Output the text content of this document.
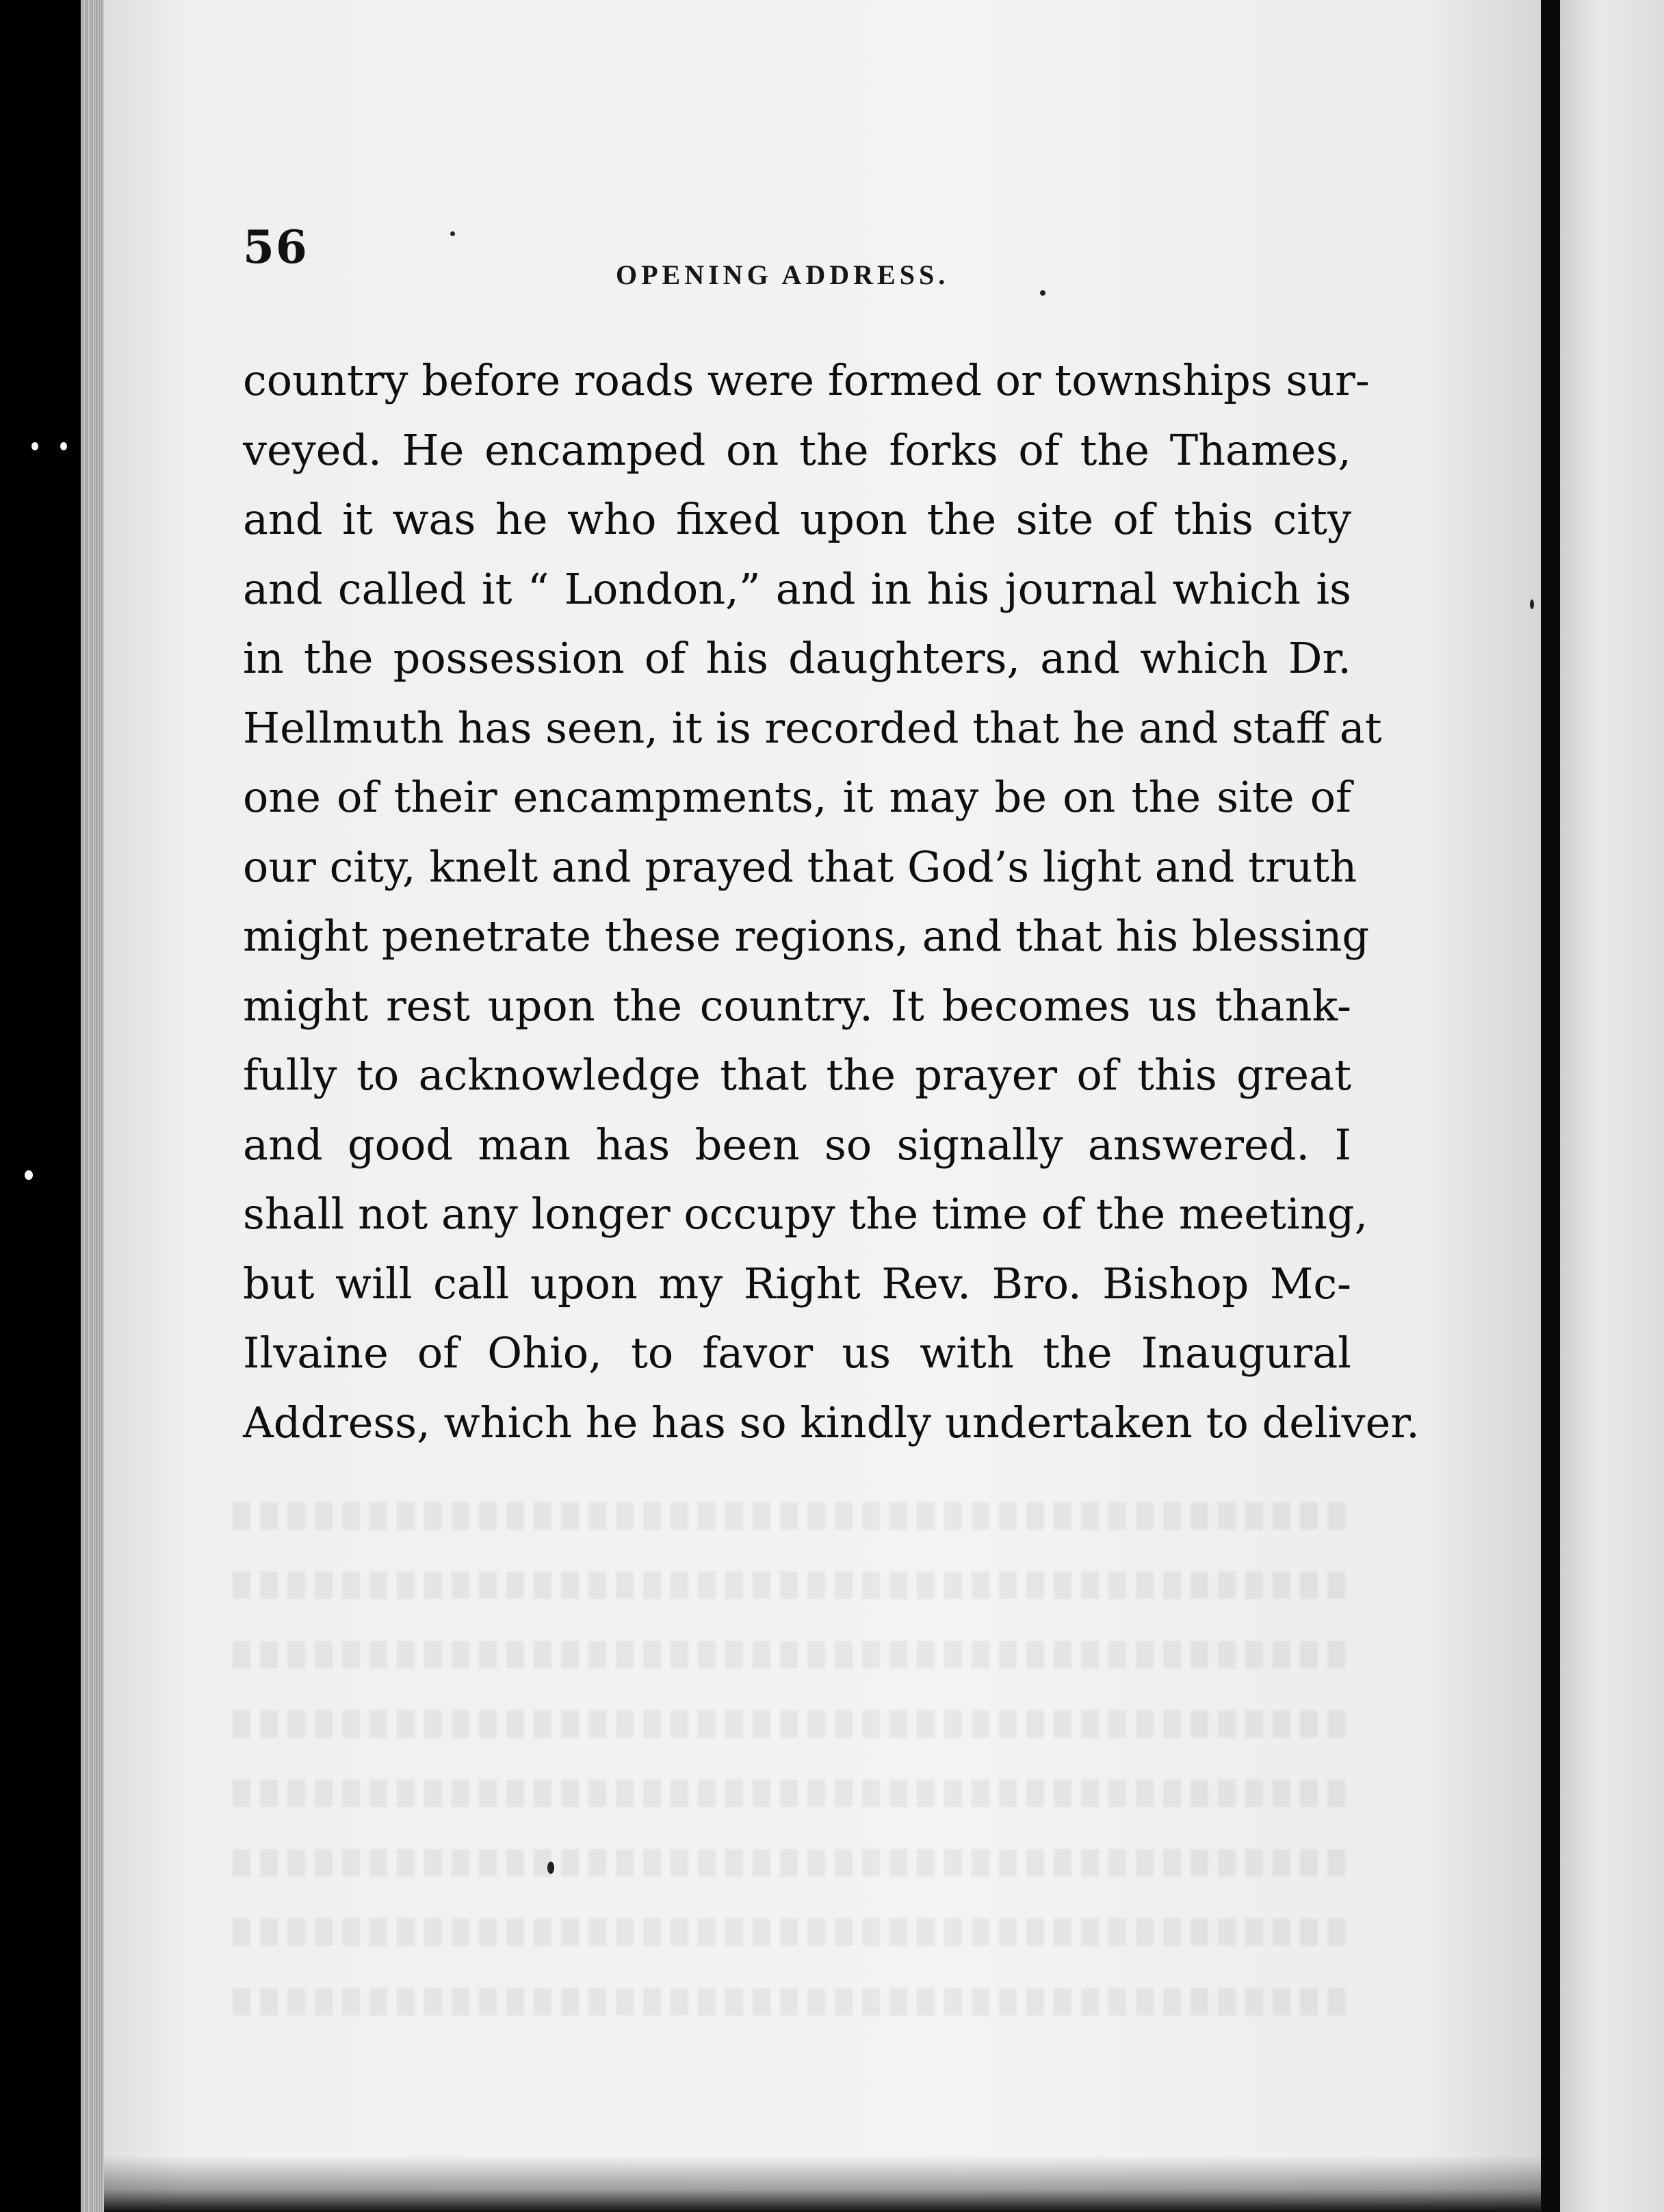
56
OPENING ADDRESS.
country before roads were formed or townships sur-
veyed. He encamped on the forks of the Thames,
and it was he who fixed upon the site of this city
and called it “ London,” and in his journal which is
in the possession of his daughters, and which Dr.
Hellmuth has seen, it is recorded that he and staff at
one of their encampments, it may be on the site of
our city, knelt and prayed that God’s light and truth
might penetrate these regions, and that his blessing
might rest upon the country. It becomes us thank-
fully to acknowledge that the prayer of this great
and good man has been so signally answered. I
shall not any longer occupy the time of the meeting,
but will call upon my Right Rev. Bro. Bishop Mc-
Ilvaine of Ohio, to favor us with the Inaugural
Address, which he has so kindly undertaken to deliver.
